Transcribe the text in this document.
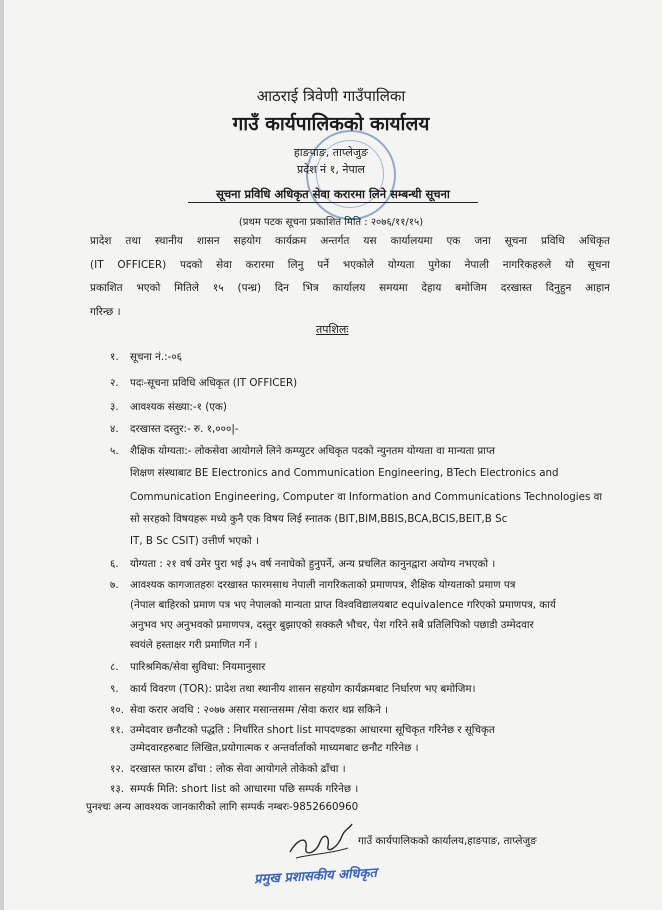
आठराई त्रिवेणी गाउँपालिका
गाउँ कार्यपालिकको कार्यालय
हाङपाङ, ताप्लेजुङ
प्रदेश नं १, नेपाल
सूचना प्रविधि अधिकृत सेवा करारमा लिने सम्बन्धी सूचना
(प्रथम पटक सूचना प्रकाशित मिति : २०७६/११/१५)
प्रादेश तथा स्थानीय शासन सहयोग कार्यक्रम अन्तर्गत यस कार्यालयमा एक जना सूचना प्रविधि अधिकृत
(IT OFFICER) पदको सेवा करारमा लिनु पर्ने भएकोले योग्यता पुगेका नेपाली नागरिकहरुले यो सूचना
प्रकाशित भएको मितिले १५ (पन्ध्र) दिन भित्र कार्यालय समयमा देहाय बमोजिम दरखास्त दिनुहुन आहान
गरिन्छ ।
तपशिलः
१.	सूचना नं.:-०६
२.	पदः-सूचना प्रविधि अधिकृत (IT OFFICER)
३.	आवश्यक संख्या:-१ (एक)
४.	दरखास्त दस्तुर:- रु. १,०००|-
५.	शैक्षिक योग्यता:- लोकसेवा आयोगले लिने कम्प्युटर अधिकृत पदको न्युनतम योग्यता वा मान्यता प्राप्त
शिक्षण संस्थाबाट BE Electronics and Communication Engineering, BTech Electronics and
Communication Engineering, Computer वा Information and Communications Technologies वा
सो सरहको विषयहरू मध्ये कुनै एक विषय लिई स्नातक (BIT,BIM,BBIS,BCA,BCIS,BEIT,B Sc
IT, B Sc CSIT) उत्तीर्ण भएको ।
६.	योग्यता : २१ वर्ष उमेर पुरा भई ३५ वर्ष ननाघेको हुनुपर्ने, अन्य प्रचलित कानुनद्वारा अयोग्य नभएको ।
७.	आवश्यक कागजातहरुः दरखास्त फारमसाथ नेपाली नागरिकताको प्रमाणपत्र, शैक्षिक योग्यताको प्रमाण पत्र
(नेपाल बाहिरको प्रमाण पत्र भए नेपालको मान्यता प्राप्त विश्वविद्यालयबाट equivalence गरिएको प्रमाणपत्र, कार्य
अनुभव भए अनुभवको प्रमाणपत्र, दस्तुर बुझाएको सक्कलै भौचर, पेश गरिने सबै प्रतिलिपिको पछाडी उम्मेदवार
स्वयंले हस्ताक्षर गरी प्रमाणित गर्ने ।
८.	पारिश्रमिक/सेवा सुविधा: नियमानुसार
९.	कार्य विवरण (TOR): प्रादेश तथा स्थानीय शासन सहयोग कार्यक्रमबाट निर्धारण भए बमोजिम।
१०. सेवा करार अवधि : २०७७ असार मसान्तसम्म /सेवा करार थप्न सकिने ।
११. उम्मेदवार छनौटको पद्धति : निर्धारित short list मापदण्डका आधारमा सूचिकृत गरिनेछ र सूचिकृत
उम्मेदवारहरुबाट लिखित,प्रयोगात्मक र अन्तर्वार्ताको माध्यमबाट छनौट गरिनेछ ।
१२. दरखास्त फारम ढाँचा : लोक सेवा आयोगले तोकेको ढाँचा ।
१३. सम्पर्क मिति: short list को आधारमा पछि सम्पर्क गरिनेछ ।
पुनश्चः अन्य आवश्यक जानकारीको लागि सम्पर्क नम्बरः-9852660960
गाउँ कार्यपालिकको कार्यालय,हाङपाङ, ताप्लेजुङ
प्रमुख प्रशासकीय अधिकृत
